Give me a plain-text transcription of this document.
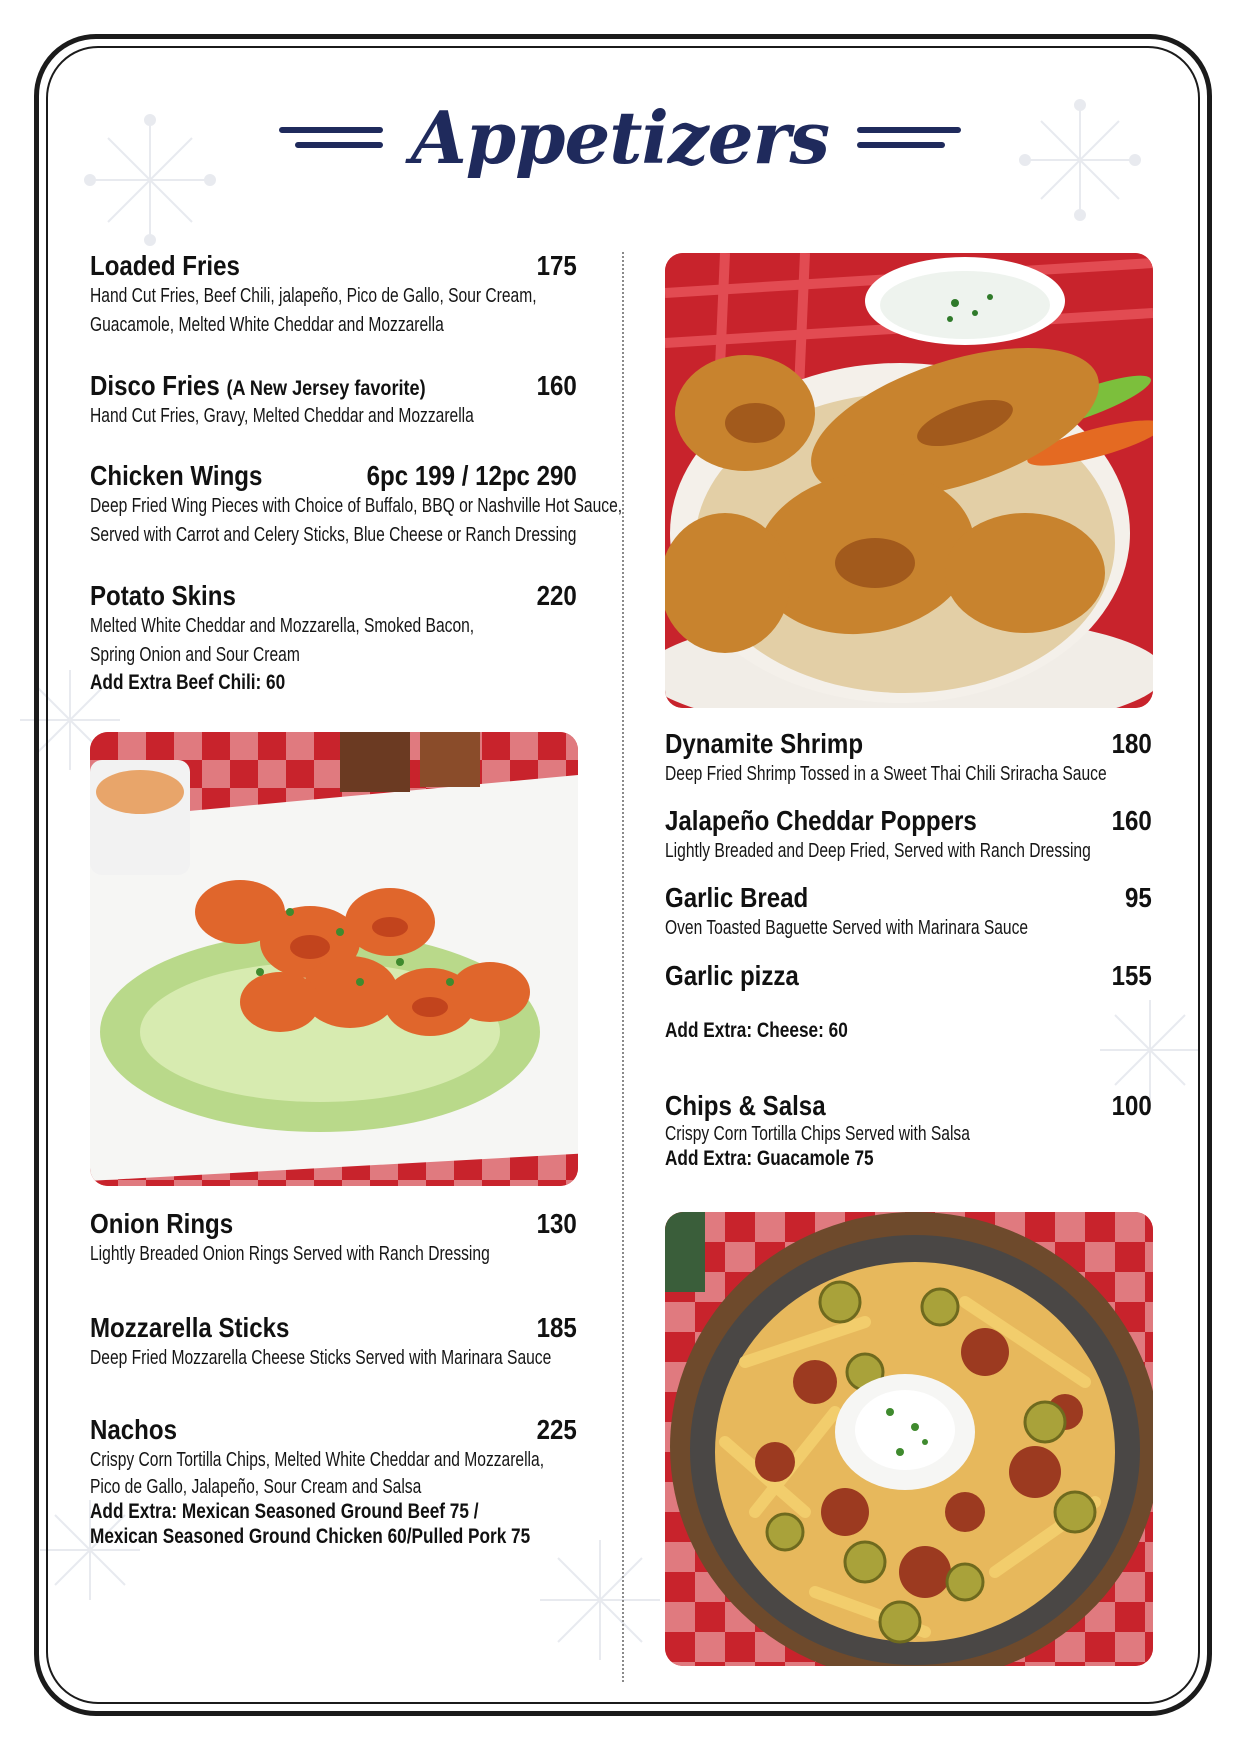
Appetizers
Loaded Fries	175
Hand Cut Fries, Beef Chili, jalapeño, Pico de Gallo, Sour Cream,
Guacamole, Melted White Cheddar and Mozzarella
Disco Fries (A New Jersey favorite)	160
Hand Cut Fries, Gravy, Melted Cheddar and Mozzarella
Chicken Wings	6pc 199 / 12pc 290
Deep Fried Wing Pieces with Choice of Buffalo, BBQ or Nashville Hot Sauce,
Served with Carrot and Celery Sticks, Blue Cheese or Ranch Dressing
Potato Skins	220
Melted White Cheddar and Mozzarella, Smoked Bacon,
Spring Onion and Sour Cream
Add Extra Beef Chili: 60
Onion Rings	130
Lightly Breaded Onion Rings Served with Ranch Dressing
Mozzarella Sticks	185
Deep Fried Mozzarella Cheese Sticks Served with Marinara Sauce
Nachos	225
Crispy Corn Tortilla Chips, Melted White Cheddar and Mozzarella,
Pico de Gallo, Jalapeño, Sour Cream and Salsa
Add Extra: Mexican Seasoned Ground Beef 75 /
Mexican Seasoned Ground Chicken 60/Pulled Pork 75
Dynamite Shrimp	180
Deep Fried Shrimp Tossed in a Sweet Thai Chili Sriracha Sauce
Jalapeño Cheddar Poppers	160
Lightly Breaded and Deep Fried, Served with Ranch Dressing
Garlic Bread	95
Oven Toasted Baguette Served with Marinara Sauce
Garlic pizza	155
Add Extra: Cheese: 60
Chips & Salsa	100
Crispy Corn Tortilla Chips Served with Salsa
Add Extra: Guacamole 75
